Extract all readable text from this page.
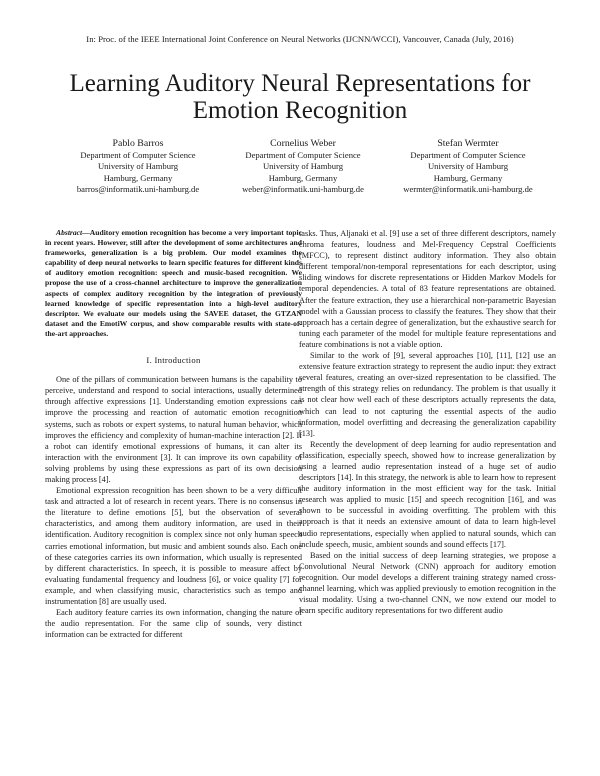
In: Proc. of the IEEE International Joint Conference on Neural Networks (IJCNN/WCCI), Vancouver, Canada (July, 2016)
Learning Auditory Neural Representations for
Emotion Recognition
Pablo Barros
Department of Computer Science
University of Hamburg
Hamburg, Germany
barros@informatik.uni-hamburg.de
Cornelius Weber
Department of Computer Science
University of Hamburg
Hamburg, Germany
weber@informatik.uni-hamburg.de
Stefan Wermter
Department of Computer Science
University of Hamburg
Hamburg, Germany
wermter@informatik.uni-hamburg.de

Abstract—Auditory emotion recognition has become a very important topic in recent years. However, still after the development of some architectures and frameworks, generalization is a big problem. Our model examines the capability of deep neural networks to learn specific features for different kinds of auditory emotion recognition: speech and music-based recognition. We propose the use of a cross-channel architecture to improve the generalization aspects of complex auditory recognition by the integration of previously learned knowledge of specific representation into a high-level auditory descriptor. We evaluate our models using the SAVEE dataset, the GTZAN dataset and the EmotiW corpus, and show comparable results with state-of-the-art approaches.

I. Introduction

One of the pillars of communication between humans is the capability to perceive, understand and respond to social interactions, usually determined through affective expressions [1]. Understanding emotion expressions can improve the processing and reaction of automatic emotion recognition systems, such as robots or expert systems, to natural human behavior, which improves the efficiency and complexity of human-machine interaction [2]. If a robot can identify emotional expressions of humans, it can alter its interaction with the environment [3]. It can improve its own capability of solving problems by using these expressions as part of its own decision making process [4].

Emotional expression recognition has been shown to be a very difficult task and attracted a lot of research in recent years. There is no consensus in the literature to define emotions [5], but the observation of several characteristics, and among them auditory information, are used in their identification. Auditory recognition is complex since not only human speech carries emotional information, but music and ambient sounds also. Each one of these categories carries its own information, which usually is represented by different characteristics. In speech, it is possible to measure affect by evaluating fundamental frequency and loudness [6], or voice quality [7] for example, and when classifying music, characteristics such as tempo and instrumentation [8] are usually used.

Each auditory feature carries its own information, changing the nature of the audio representation. For the same clip of sounds, very distinct information can be extracted for different

tasks. Thus, Aljanaki et al. [9] use a set of three different descriptors, namely chroma features, loudness and Mel-Frequency Cepstral Coefficients (MFCC), to represent distinct auditory information. They also obtain different temporal/non-temporal representations for each descriptor, using sliding windows for discrete representations or Hidden Markov Models for temporal dependencies. A total of 83 feature representations are obtained. After the feature extraction, they use a hierarchical non-parametric Bayesian model with a Gaussian process to classify the features. They show that their approach has a certain degree of generalization, but the exhaustive search for tuning each parameter of the model for multiple feature representations and feature combinations is not a viable option.

Similar to the work of [9], several approaches [10], [11], [12] use an extensive feature extraction strategy to represent the audio input: they extract several features, creating an over-sized representation to be classified. The strength of this strategy relies on redundancy. The problem is that usually it is not clear how well each of these descriptors actually represents the data, which can lead to not capturing the essential aspects of the audio information, model overfitting and decreasing the generalization capability [13].

Recently the development of deep learning for audio representation and classification, especially speech, showed how to increase generalization by using a learned audio representation instead of a huge set of audio descriptors [14]. In this strategy, the network is able to learn how to represent the auditory information in the most efficient way for the task. Initial research was applied to music [15] and speech recognition [16], and was shown to be successful in avoiding overfitting. The problem with this approach is that it needs an extensive amount of data to learn high-level audio representations, especially when applied to natural sounds, which can include speech, music, ambient sounds and sound effects [17].

Based on the initial success of deep learning strategies, we propose a Convolutional Neural Network (CNN) approach for auditory emotion recognition. Our model develops a different training strategy named cross-channel learning, which was applied previously to emotion recognition in the visual modality. Using a two-channel CNN, we now extend our model to learn specific auditory representations for two different audio
